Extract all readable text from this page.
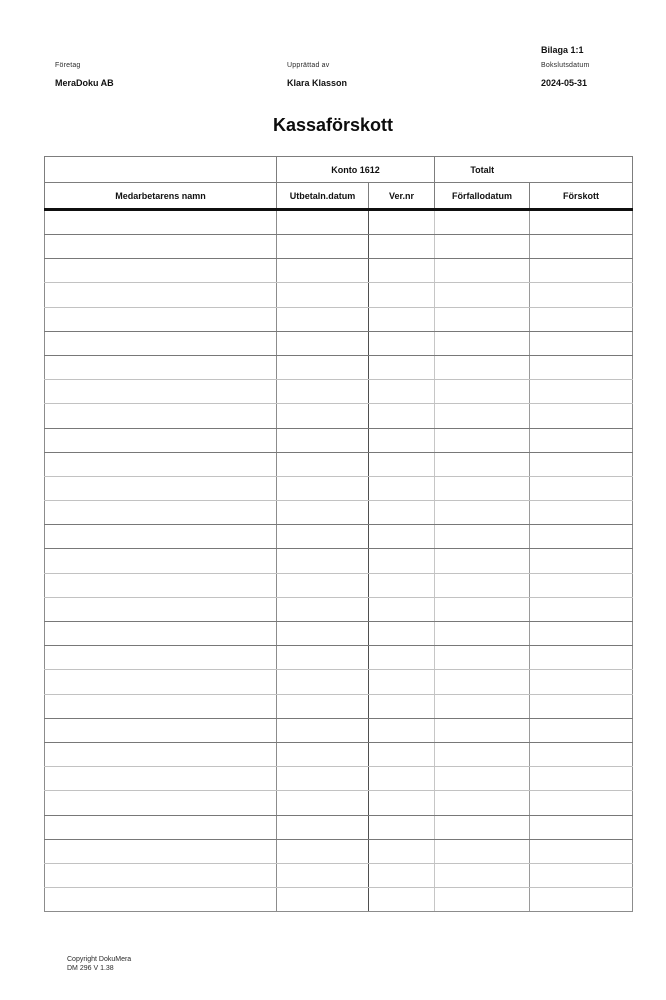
Bilaga 1:1
Företag
MeraDoku AB
Upprättad av
Klara Klasson
Bokslutsdatum
2024-05-31
Kassaförskott
	Konto 1612		Totalt	
Medarbetarens namn	Utbetaln.datum	Ver.nr	Förfallodatum	Förskott

Copyright DokuMera
DM 296 V 1.38
